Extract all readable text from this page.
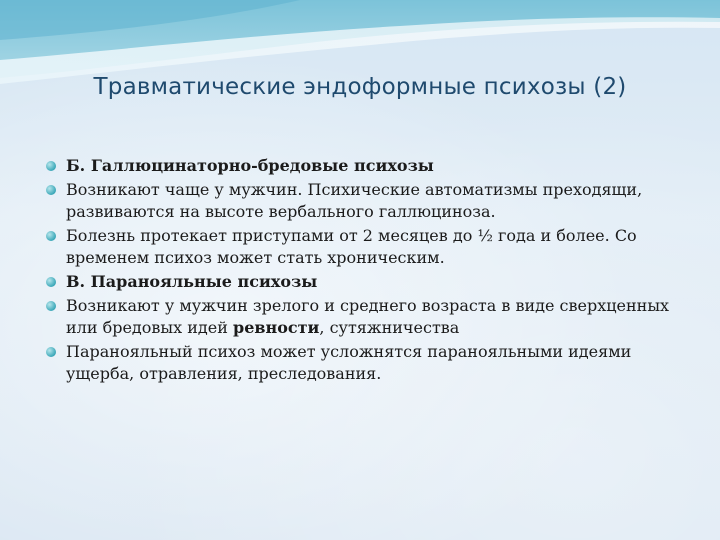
Травматические эндоформные психозы (2)
Б. Галлюцинаторно-бредовые психозы
Возникают чаще у мужчин. Психические автоматизмы преходящи, развиваются на высоте вербального галлюциноза.
Болезнь протекает приступами от 2 месяцев до ½ года и более. Со временем психоз может стать хроническим.
В. Паранояльные психозы
Возникают у мужчин зрелого и среднего возраста в виде сверхценных или бредовых идей ревности, сутяжничества
Паранояльный психоз может усложнятся паранояльными идеями ущерба, отравления, преследования.
